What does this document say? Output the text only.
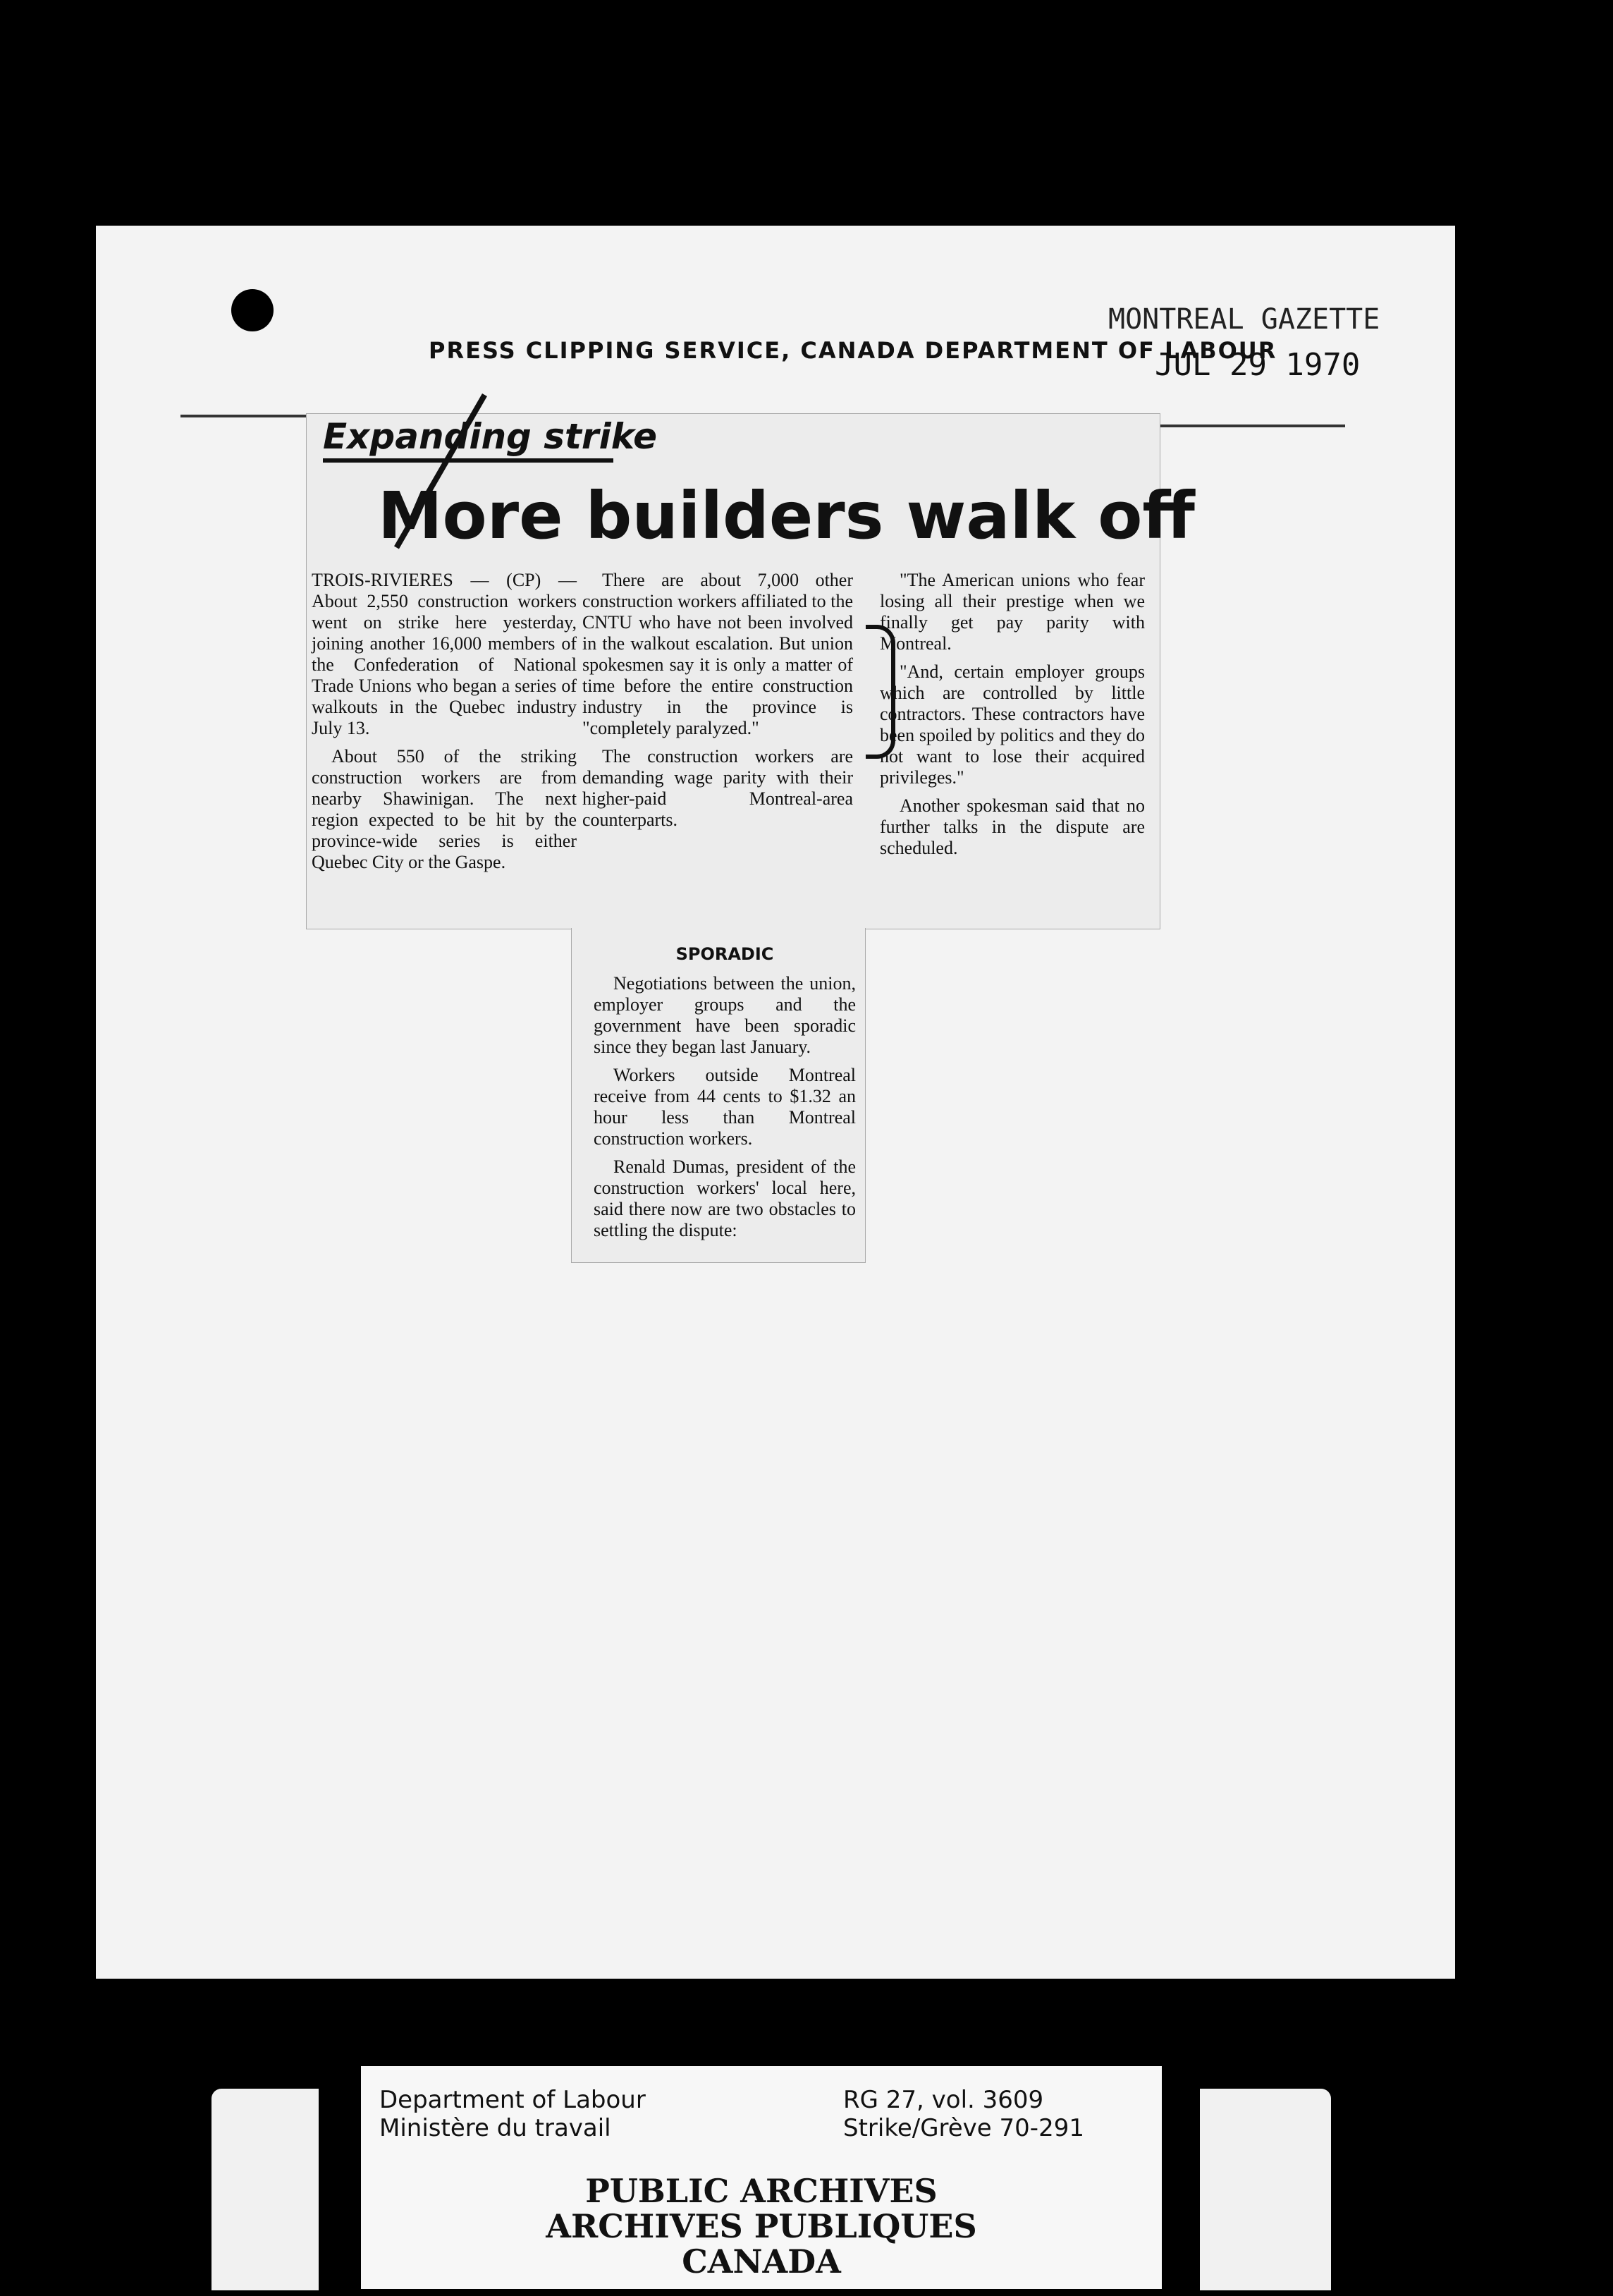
MONTREAL GAZETTE
JUL 29 1970
PRESS CLIPPING SERVICE, CANADA DEPARTMENT OF LABOUR
Expanding strike
More builders walk off

TROIS-RIVIERES — (CP) — About 2,550 construction workers went on strike here yesterday, joining another 16,000 members of the Confederation of National Trade Unions who began a series of walkouts in the Quebec industry July 13.

About 550 of the striking construction workers are from nearby Shawinigan. The next region expected to be hit by the province-wide series is either Quebec City or the Gaspe.

There are about 7,000 other construction workers affiliated to the CNTU who have not been involved in the walkout escalation. But union spokesmen say it is only a matter of time before the entire construction industry in the province is "completely paralyzed."

The construction workers are demanding wage parity with their higher-paid Montreal-area counterparts.

SPORADIC

Negotiations between the union, employer groups and the government have been sporadic since they began last January.

Workers outside Montreal receive from 44 cents to $1.32 an hour less than Montreal construction workers.

Renald Dumas, president of the construction workers' local here, said there now are two obstacles to settling the dispute:

"The American unions who fear losing all their prestige when we finally get pay parity with Montreal.

"And, certain employer groups which are controlled by little contractors. These contractors have been spoiled by politics and they do not want to lose their acquired privileges."

Another spokesman said that no further talks in the dispute are scheduled.

Department of Labour
Ministère du travail
RG 27, vol. 3609
Strike/Grève 70-291
PUBLIC ARCHIVES
ARCHIVES PUBLIQUES
CANADA
